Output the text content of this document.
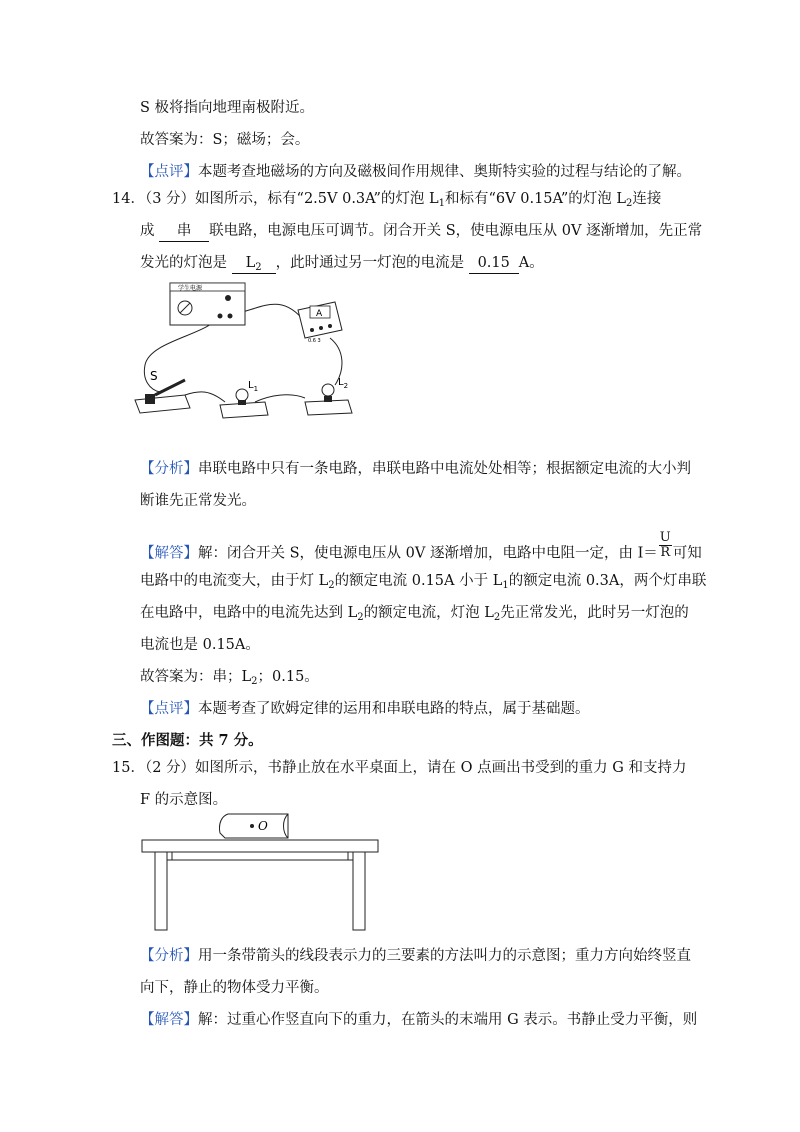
S 极将指向地理南极附近。
故答案为：S；磁场；会。
【点评】本题考查地磁场的方向及磁极间作用规律、奥斯特实验的过程与结论的了解。
14．（3 分）如图所示，标有“2.5V 0.3A”的灯泡 $L_1$和标有“6V 0.15A”的灯泡 $L_2$连接
成 串 联电路，电源电压可调节。闭合开关 S，使电源电压从 0V 逐渐增加，先正常
发光的灯泡是 $L_2$ ，此时通过另一灯泡的电流是 0.15 A。
学生电源
A
0.6 3
S
$L_1$
$L_2$
【分析】串联电路中只有一条电路，串联电路中电流处处相等；根据额定电流的大小判
断谁先正常发光。
【解答】解：闭合开关 S，使电源电压从 0V 逐渐增加，电路中电阻一定，由 $I= \frac{U}{R}$ 可知
电路中的电流变大，由于灯 $L_2$的额定电流 0.15A 小于 $L_1$的额定电流 0.3A，两个灯串联
在电路中，电路中的电流先达到 $L_2$的额定电流，灯泡 $L_2$先正常发光，此时另一灯泡的
电流也是 0.15A。
故答案为：串；$L_2$；0.15。
【点评】本题考查了欧姆定律的运用和串联电路的特点，属于基础题。
三、作图题：共 7 分。
15．（2 分）如图所示，书静止放在水平桌面上，请在 O 点画出书受到的重力 G 和支持力
F 的示意图。
O
【分析】用一条带箭头的线段表示力的三要素的方法叫力的示意图；重力方向始终竖直
向下，静止的物体受力平衡。
【解答】解：过重心作竖直向下的重力，在箭头的末端用 G 表示。书静止受力平衡，则
